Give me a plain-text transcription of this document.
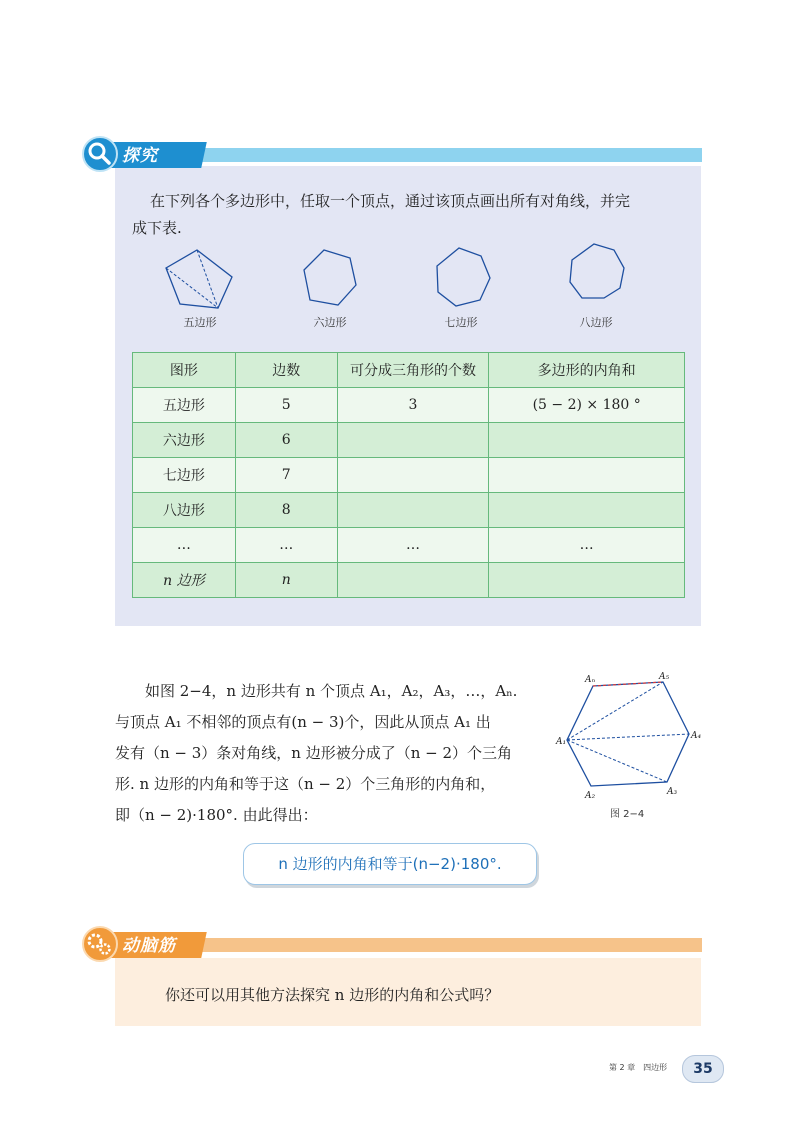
探究
在下列各个多边形中，任取一个顶点，通过该顶点画出所有对角线，并完
成下表.
五边形	六边形	七边形	八边形
图形	边数	可分成三角形的个数	多边形的内角和
五边形	5	3	(5 − 2) × 180 °
六边形	6		
七边形	7		
八边形	8		
…	…	…	…
n 边形	n		
如图 2−4，n 边形共有 n 个顶点 A₁，A₂，A₃，…，Aₙ.
与顶点 A₁ 不相邻的顶点有(n − 3)个，因此从顶点 A₁ 出
发有（n − 3）条对角线，n 边形被分成了（n − 2）个三角
形. n 边形的内角和等于这（n − 2）个三角形的内角和，
即（n − 2)·180°. 由此得出：
Aₙ	A₅
A₄
A₃
A₂
A₁
图 2−4
n 边形的内角和等于(n−2)·180°.
动脑筋
你还可以用其他方法探究 n 边形的内角和公式吗？
第 2 章　四边形	35
